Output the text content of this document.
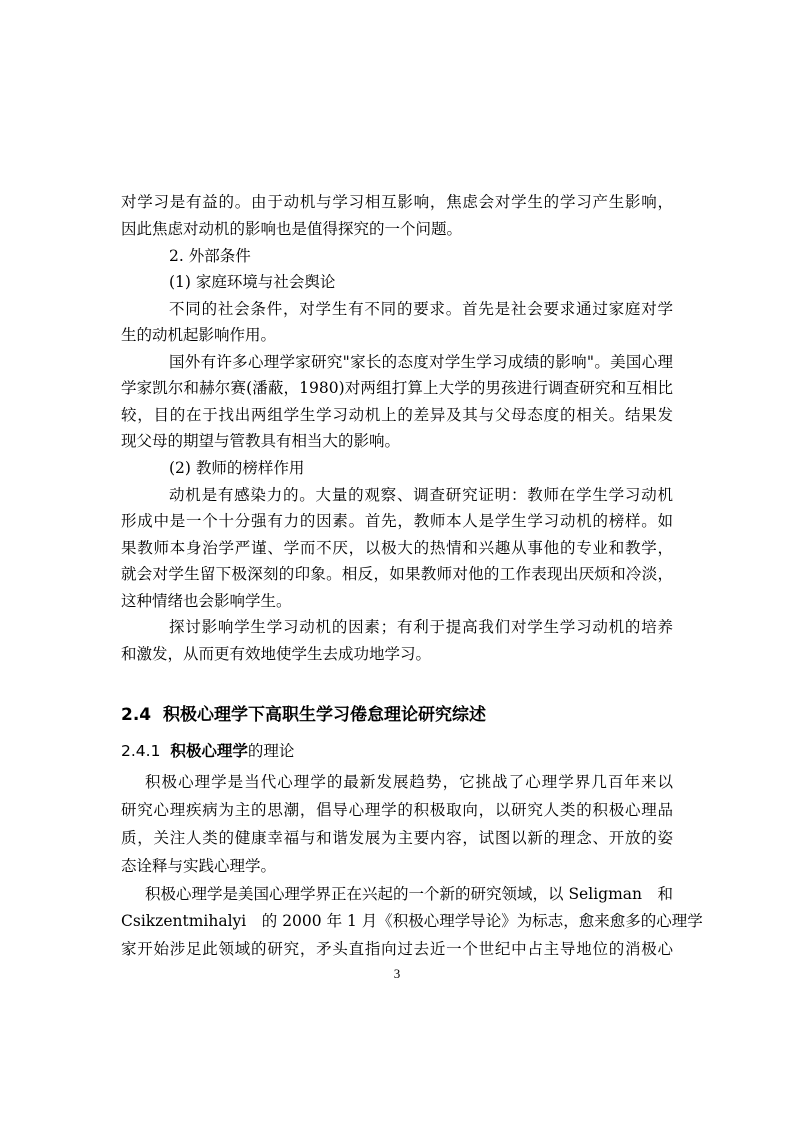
对学习是有益的。由于动机与学习相互影响，焦虑会对学生的学习产生影响，
因此焦虑对动机的影响也是值得探究的一个问题。
2. 外部条件
(1) 家庭环境与社会舆论
不同的社会条件，对学生有不同的要求。首先是社会要求通过家庭对学
生的动机起影响作用。
国外有许多心理学家研究"家长的态度对学生学习成绩的影响"。美国心理
学家凯尔和赫尔赛(潘蔽，1980)对两组打算上大学的男孩进行调查研究和互相比
较，目的在于找出两组学生学习动机上的差异及其与父母态度的相关。结果发
现父母的期望与管教具有相当大的影响。
(2) 教师的榜样作用
动机是有感染力的。大量的观察、调查研究证明：教师在学生学习动机
形成中是一个十分强有力的因素。首先，教师本人是学生学习动机的榜样。如
果教师本身治学严谨、学而不厌，以极大的热情和兴趣从事他的专业和教学，
就会对学生留下极深刻的印象。相反，如果教师对他的工作表现出厌烦和冷淡，
这种情绪也会影响学生。
探讨影响学生学习动机的因素；有利于提高我们对学生学习动机的培养
和激发，从而更有效地使学生去成功地学习。
2.4 积极心理学下高职生学习倦怠理论研究综述
2.4.1 积极心理学的理论
积极心理学是当代心理学的最新发展趋势，它挑战了心理学界几百年来以
研究心理疾病为主的思潮，倡导心理学的积极取向，以研究人类的积极心理品
质，关注人类的健康幸福与和谐发展为主要内容，试图以新的理念、开放的姿
态诠释与实践心理学。
积极心理学是美国心理学界正在兴起的一个新的研究领域，以 Seligman　和
Csikzentmihalyi　的 2000 年 1 月《积极心理学导论》为标志，愈来愈多的心理学
家开始涉足此领域的研究，矛头直指向过去近一个世纪中占主导地位的消极心
3
